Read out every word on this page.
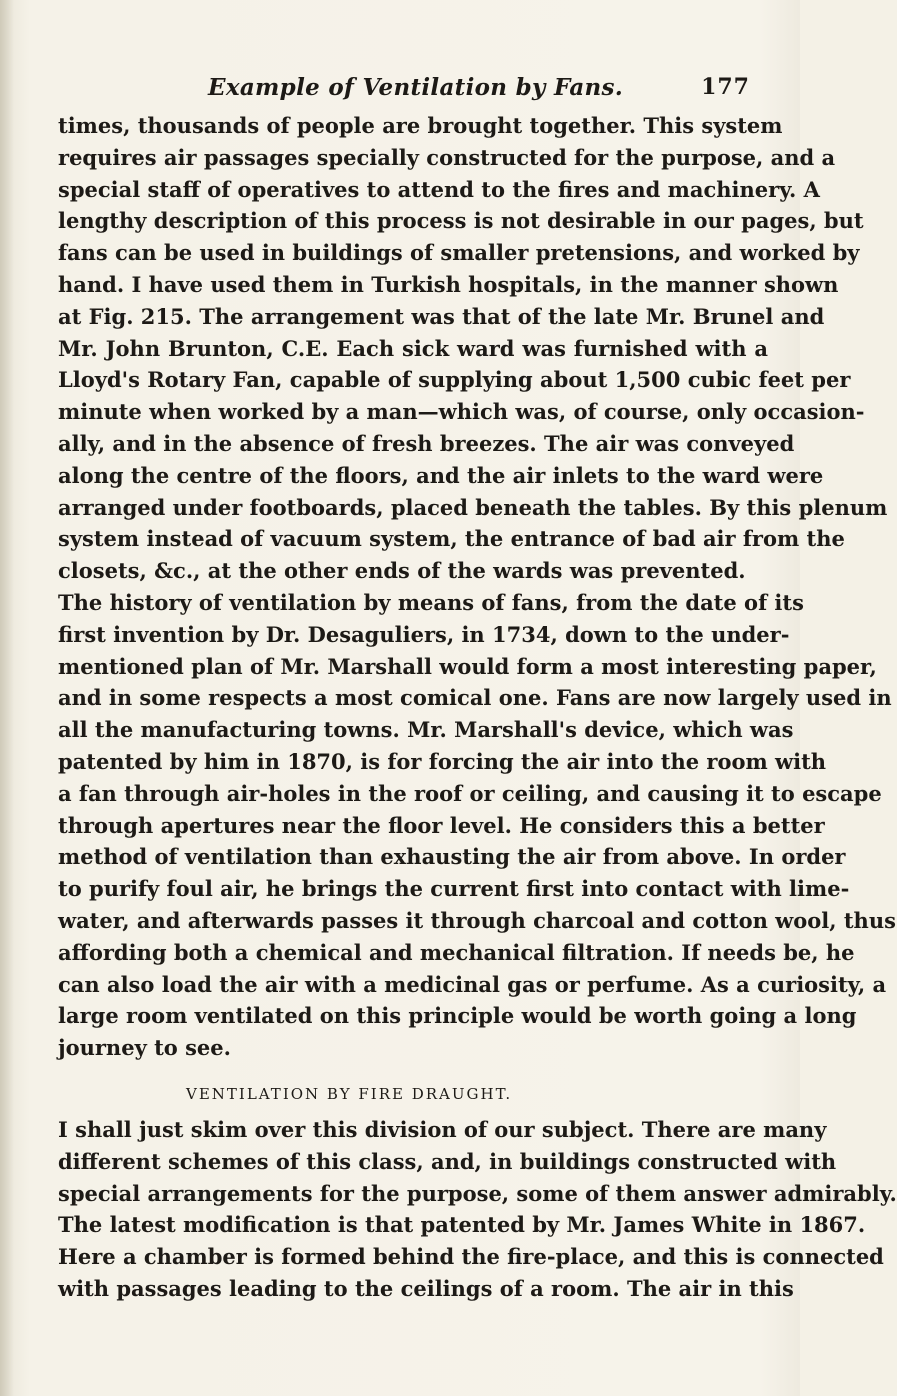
Example of Ventilation by Fans.	177
times, thousands of people are brought together. This system
requires air passages specially constructed for the purpose, and a
special staff of operatives to attend to the fires and machinery. A
lengthy description of this process is not desirable in our pages, but
fans can be used in buildings of smaller pretensions, and worked by
hand. I have used them in Turkish hospitals, in the manner shown
at Fig. 215. The arrangement was that of the late Mr. Brunel and
Mr. John Brunton, C.E. Each sick ward was furnished with a
Lloyd's Rotary Fan, capable of supplying about 1,500 cubic feet per
minute when worked by a man—which was, of course, only occasion-
ally, and in the absence of fresh breezes. The air was conveyed
along the centre of the floors, and the air inlets to the ward were
arranged under footboards, placed beneath the tables. By this plenum
system instead of vacuum system, the entrance of bad air from the
closets, &c., at the other ends of the wards was prevented.
The history of ventilation by means of fans, from the date of its
first invention by Dr. Desaguliers, in 1734, down to the under-
mentioned plan of Mr. Marshall would form a most interesting paper,
and in some respects a most comical one. Fans are now largely used in
all the manufacturing towns. Mr. Marshall's device, which was
patented by him in 1870, is for forcing the air into the room with
a fan through air-holes in the roof or ceiling, and causing it to escape
through apertures near the floor level. He considers this a better
method of ventilation than exhausting the air from above. In order
to purify foul air, he brings the current first into contact with lime-
water, and afterwards passes it through charcoal and cotton wool, thus
affording both a chemical and mechanical filtration. If needs be, he
can also load the air with a medicinal gas or perfume. As a curiosity, a
large room ventilated on this principle would be worth going a long
journey to see.
VENTILATION BY FIRE DRAUGHT.
I shall just skim over this division of our subject. There are many
different schemes of this class, and, in buildings constructed with
special arrangements for the purpose, some of them answer admirably.
The latest modification is that patented by Mr. James White in 1867.
Here a chamber is formed behind the fire-place, and this is connected
with passages leading to the ceilings of a room. The air in this
